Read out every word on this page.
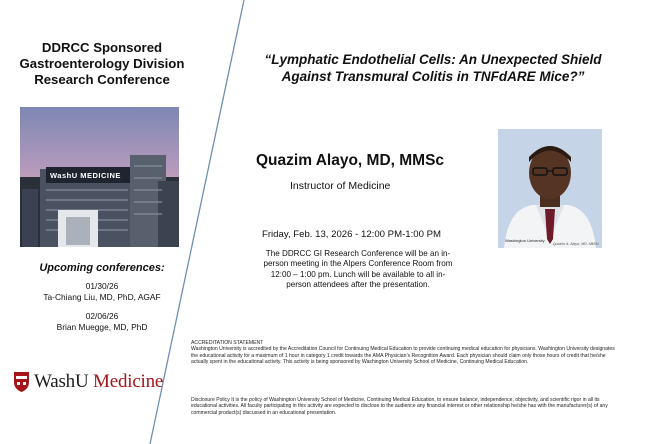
DDRCC Sponsored Gastroenterology Division Research Conference
WashU MEDICINE
Upcoming conferences:
01/30/26
Ta-Chiang Liu, MD, PhD, AGAF
02/06/26
Brian Muegge, MD, PhD
WashU Medicine
“Lymphatic Endothelial Cells: An Unexpected Shield Against Transmural Colitis in TNFdARE Mice?”
Quazim Alayo, MD, MMSc
Instructor of Medicine
Friday, Feb. 13, 2026 - 12:00 PM-1:00 PM
The DDRCC GI Research Conference will be an in-person meeting in the Alpers Conference Room from 12:00 – 1:00 pm. Lunch will be available to all in-person attendees after the presentation.
Washington University
Quazim A. Alayo, MD, MMSc
ACCREDITATION STATEMENT
Washington University is accredited by the Accreditation Council for Continuing Medical Education to provide continuing medical education for physicians. Washington University designates the educational activity for a maximum of 1 hour in category 1 credit towards the AMA Physician’s Recognition Award. Each physician should claim only those hours of credit that he/she actually spent in the educational activity. This activity is being sponsored by Washington University School of Medicine, Continuing Medical Education.
Disclosure Policy It is the policy of Washington University School of Medicine, Continuing Medical Education, to ensure balance, independence, objectivity, and scientific rigor in all its educational activities. All faculty participating in this activity are expected to disclose to the audience any financial interest or other relationship he/she has with the manufacturer(s) of any commercial product(s) discussed in an educational presentation.
